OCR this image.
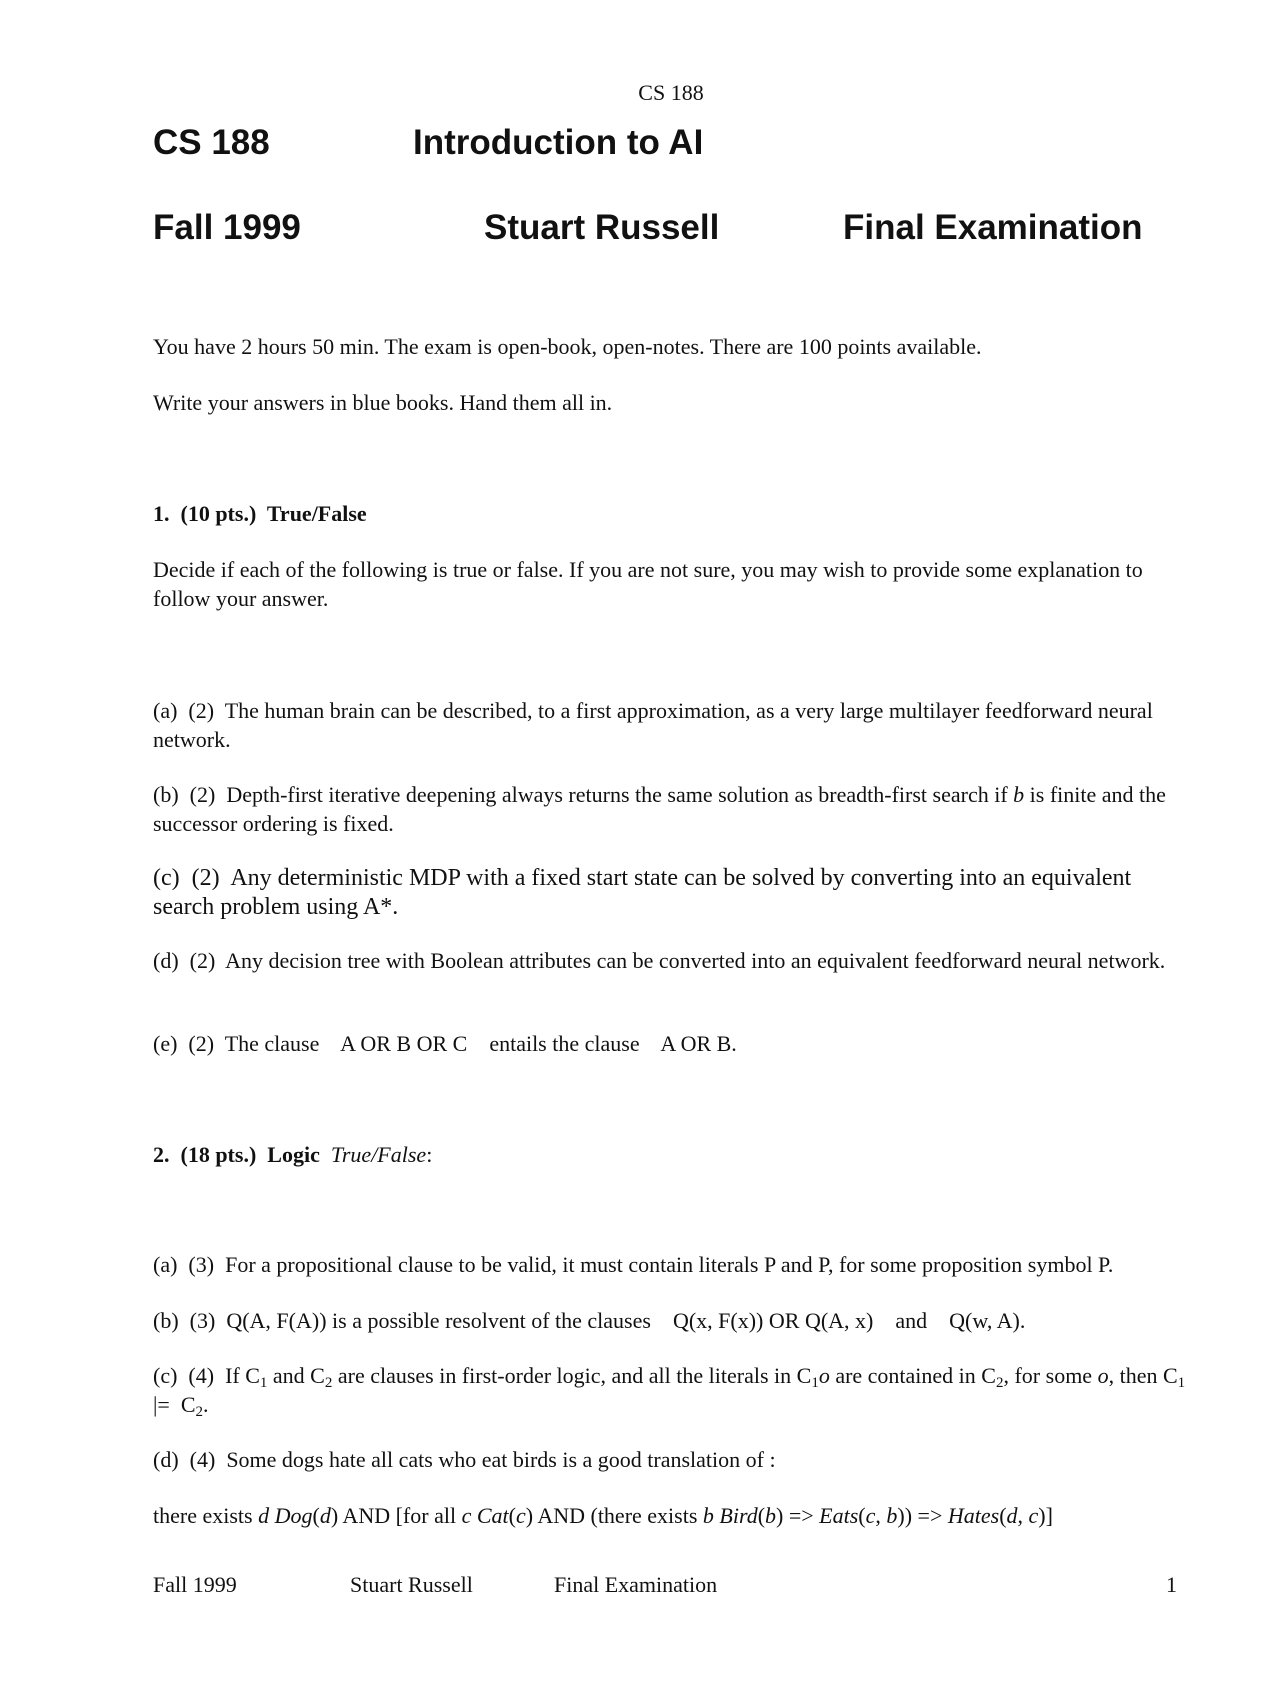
CS 188
CS 188	Introduction to AI
Fall 1999	Stuart Russell	Final Examination
You have 2 hours 50 min. The exam is open-book, open-notes. There are 100 points available.
Write your answers in blue books. Hand them all in.
1. (10 pts.) True/False
Decide if each of the following is true or false. If you are not sure, you may wish to provide some explanation to follow your answer.
(a) (2) The human brain can be described, to a first approximation, as a very large multilayer feedforward neural network.
(b) (2) Depth-first iterative deepening always returns the same solution as breadth-first search if b is finite and the successor ordering is fixed.
(c) (2) Any deterministic MDP with a fixed start state can be solved by converting into an equivalent search problem using A*.
(d) (2) Any decision tree with Boolean attributes can be converted into an equivalent feedforward neural network.
(e) (2) The clause A OR B OR C entails the clause A OR B.
2. (18 pts.) Logic True/False:
(a) (3) For a propositional clause to be valid, it must contain literals P and P, for some proposition symbol P.
(b) (3) Q(A, F(A)) is a possible resolvent of the clauses Q(x, F(x)) OR Q(A, x) and Q(w, A).
(c) (4) If $C_1$ and $C_2$ are clauses in first-order logic, and all the literals in $C_1o$ are contained in $C_2$, for some o, then $C_1$  |= $C_2$.
(d) (4) Some dogs hate all cats who eat birds is a good translation of :
there exists d Dog(d) AND [for all c Cat(c) AND (there exists b Bird(b) => Eats(c, b)) => Hates(d, c)]
Fall 1999	Stuart Russell	Final Examination	1
